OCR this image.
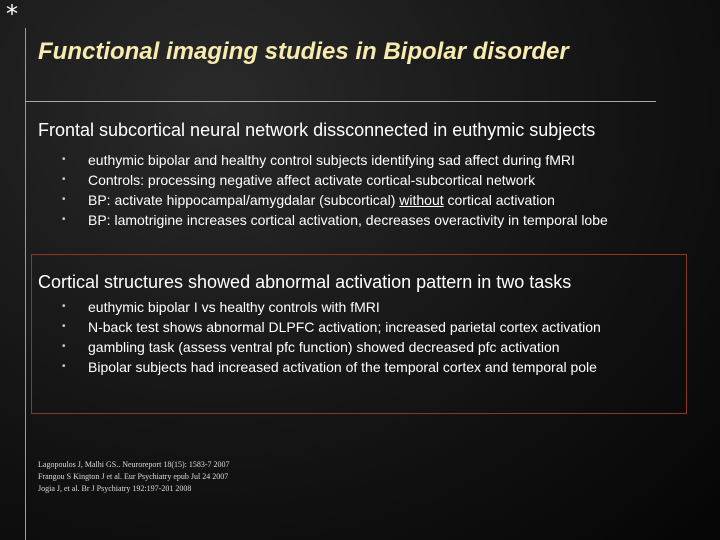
*
Functional imaging studies in Bipolar disorder
Frontal subcortical neural network dissconnected in euthymic subjects
• euthymic bipolar and healthy control subjects identifying sad affect during fMRI
• Controls: processing negative affect activate cortical-subcortical network
• BP: activate hippocampal/amygdalar (subcortical) without cortical activation
• BP: lamotrigine increases cortical activation, decreases overactivity in temporal lobe
Cortical structures showed abnormal activation pattern in two tasks
• euthymic bipolar I vs healthy controls with fMRI
• N-back test shows abnormal DLPFC activation; increased parietal cortex activation
• gambling task (assess ventral pfc function) showed decreased pfc activation
• Bipolar subjects had increased activation of the temporal cortex and temporal pole
Lagopoulos J, Malhi GS.. Neuroreport 18(15): 1583-7 2007
Frangou S Kington J et al. Eur Psychiatry epub Jul 24 2007
Jogia J, et al. Br J Psychiatry 192:197-201 2008
